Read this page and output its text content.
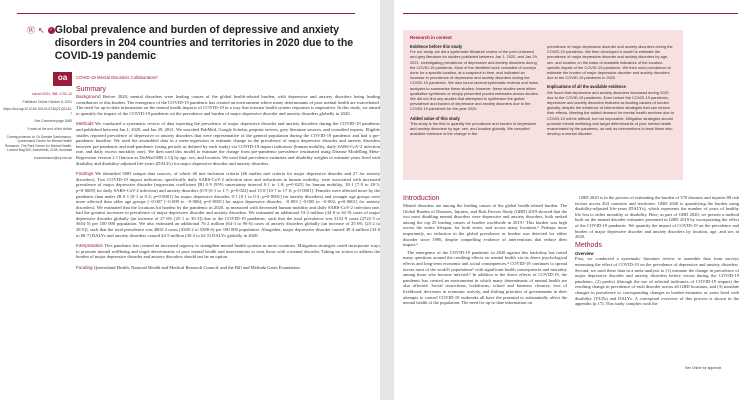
Ⓦ ↖ ✓ Global prevalence and burden of depressive and anxiety disorders in 204 countries and territories in 2020 due to the COVID-19 pandemic
oa	COVID-19 Mental Disorders Collaborators*

Lancet 2021; 398: 1700–12

Published Online October 8, 2021

https://doi.org/10.1016/ S0140-6736(21)02143-7

See Comment page 1665

*Listed at the end of the Article

Correspondence to: Dr Damian Santomauro, Queensland Centre for Mental Health Research, The Park Centre for Mental Health, Locked Bag 500, Archerfield, 4108, Australia

d.santomauro@uq.edu.au

Summary

Background Before 2020, mental disorders were leading causes of the global health-related burden, with depressive and anxiety disorders being leading contributors to this burden. The emergence of the COVID-19 pandemic has created an environment where many determinants of poor mental health are exacerbated. The need for up-to-date information on the mental health impacts of COVID-19 in a way that informs health system responses is imperative. In this study, we aimed to quantify the impact of the COVID-19 pandemic on the prevalence and burden of major depressive disorder and anxiety disorders globally in 2020.

Methods We conducted a systematic review of data reporting the prevalence of major depressive disorder and anxiety disorders during the COVID-19 pandemic and published between Jan 1, 2020, and Jan 29, 2021. We searched PubMed, Google Scholar, preprint servers, grey literature sources, and consulted experts. Eligible studies reported prevalence of depressive or anxiety disorders that were representative of the general population during the COVID-19 pandemic and had a pre-pandemic baseline. We used the assembled data in a meta-regression to estimate change in the prevalence of major depressive disorder and anxiety disorders between pre-pandemic and mid-pandemic (using periods as defined by each study) via COVID-19 impact indicators (human mobility, daily SARS-CoV-2 infection rate, and daily excess mortality rate). We then used this model to estimate the change from pre-pandemic prevalence (estimated using Disease Modelling Meta-Regression version 2.1 [known as DisMod-MR 2.1]) by age, sex, and location. We used final prevalence estimates and disability weights to estimate years lived with disability and disability-adjusted life-years (DALYs) for major depressive disorder and anxiety disorders.

Findings We identified 5683 unique data sources, of which 48 met inclusion criteria (46 studies met criteria for major depressive disorder and 27 for anxiety disorders). Two COVID-19 impact indicators, specifically daily SARS-CoV-2 infection rates and reductions in human mobility, were associated with increased prevalence of major depressive disorder (regression coefficient [B] 0·9 [95% uncertainty interval 0·1 to 1·8; p=0·025] for human mobility, 18·1 [7·9 to 28·3; p=0·0005] for daily SARS-CoV-2 infection) and anxiety disorders (0·9 [0·1 to 1·7; p=0·022] and 13·8 [10·7 to 17·0; p<0·0001]. Females were affected more by the pandemic than males (B 0·1 [0·1 to 0·2; p=0·0001] for major depressive disorder, 0·1 [0·1 to 0·2; p=0·0001] for anxiety disorders) and younger age groups were more affected than older age groups (−0·007 [−0·009 to −0·006]; p=0·0001] for major depressive disorder, −0·003 [−0·005 to −0·002; p=0·0001] for anxiety disorders). We estimated that the locations hit hardest by the pandemic in 2020, as measured with decreased human mobility and daily SARS-CoV-2 infection rate, had the greatest increases in prevalence of major depressive disorder and anxiety disorders. We estimated an additional 53·2 million (44·8 to 62·9) cases of major depressive disorder globally (an increase of 27·6% [25·1 to 30·3]) due to the COVID-19 pandemic, such that the total prevalence was 3152·9 cases (2722·5 to 3654·5) per 100 000 population. We also estimated an additional 76·2 million (64·3 to 90·6) cases of anxiety disorders globally (an increase of 25·6% [23·2 to 28·0]), such that the total prevalence was 4802·4 cases (4108·2 to 5588·6) per 100 000 population. Altogether, major depressive disorder caused 49·4 million (33·6 to 68·7) DALYs and anxiety disorders caused 44·5 million (30·2 to 62·5) DALYs globally in 2020.

Interpretation This pandemic has created an increased urgency to strengthen mental health systems in most countries. Mitigation strategies could incorporate ways to promote mental wellbeing and target determinants of poor mental health and interventions to treat those with a mental disorder. Taking no action to address the burden of major depressive disorder and anxiety disorders should not be an option.

Funding Queensland Health, National Health and Medical Research Council, and the Bill and Melinda Gates Foundation.

Research in context
Evidence before this study

For our study, we did a systematic literature review of the peer-reviewed and grey literature for studies published between Jan 1, 2020, and Jan 29, 2021, investigating prevalence of depressive and anxiety disorders during the COVID-19 pandemic. Most of the identified work consisted of surveys done for a specific location, at a snapshot in time, and indicated an increase in prevalence of depressive and anxiety disorders during the COVID-19 pandemic. We also found several systematic reviews and meta-analyses to summarise these studies; however, these studies were either qualitative syntheses or simply presented pooled estimates across studies. We did not find any studies that attempted to synthesise the global prevalence and burden of depressive and anxiety disorders due to the COVID-19 pandemic for the year 2020.

Added value of this study

This study is the first to quantify the prevalence and burden of depressive and anxiety disorders by age, sex, and location globally. We compiled available evidence of the change in the

prevalence of major depressive disorder and anxiety disorders during the COVID-19 pandemic. We then developed a model to estimate the prevalence of major depressive disorder and anxiety disorders by age, sex, and location on the basis of available indicators of the location-specific impact of the COVID-19 pandemic. We then used prevalence to estimate the burden of major depressive disorder and anxiety disorders due to the COVID-19 pandemic in 2020.

Implications of all the available evidence

We found that depressive and anxiety disorders increased during 2020 due to the COVID-19 pandemic. Even before the COVID-19 pandemic, depressive and anxiety disorders featured as leading causes of burden globally, despite the existence of intervention strategies that can reduce their effects. Meeting the added demand for mental health services due to COVID-19 will be difficult, but not impossible. Mitigation strategies should promote mental wellbeing and target determinants of poor mental health exacerbated by the pandemic, as well as interventions to treat those who develop a mental disorder.

Introduction

Mental disorders are among the leading causes of the global health-related burden. The Global Burden of Diseases, Injuries, and Risk Factors Study (GBD) 2019 showed that the two most disabling mental disorders were depressive and anxiety disorders, both ranked among the top 25 leading causes of burden worldwide in 2019.¹ This burden was high across the entire lifespan, for both sexes, and across many locations.² Perhaps more importantly, no reduction in the global prevalence or burden was detected for either disorder since 1990, despite compelling evidence of interventions that reduce their impact.³

The emergence of the COVID-19 pandemic in 2020 against this backdrop has raised many questions around the resulting effects on mental health via its direct psychological effects and long-term economic and social consequences.⁴ COVID-19 continues to spread across most of the world's populations⁵ with significant health consequences and mortality among those who become infected.⁶ In addition to the direct effects of COVID-19, the pandemic has created an environment in which many determinants of mental health are also affected. Social restrictions, lockdowns, school and business closures, loss of livelihood, decreases in economic activity, and shifting priorities of governments in their attempts to control COVID-19 outbreaks all have the potential to substantially affect the mental health of the population. The need for up-to-date information on

GBD 2020 is in the process of estimating the burden of 370 diseases and injuries 88 risk factors across 204 countries and territories. GBD 2020 is quantifying the burden using disability-adjusted life-years (DALYs), which represents the number of years of healthy life lost to either mortality or disability. Here, as part of GBD 2020, we present a method built on the mental disorder estimates presented in GBD 2019 by incorporating the effect of the COVID-19 pandemic. We quantify the impact of COVID-19 on the prevalence and burden of major depressive disorder and anxiety disorders by location, age, and sex in 2020.

Methods
Overview

First, we conducted a systematic literature review to assemble data from surveys measuring the effect of COVID-19 on the prevalence of depressive and anxiety disorders. Second, we used these data in a meta-analysis to (1) estimate the change in prevalence of major depressive disorder and anxiety disorders before versus during the COVID-19 pandemic, (2) predict (through the use of selected indicators of COVID-19 impact) the resulting change in prevalence of each disorder across all GBD locations, and (3) translate changes in prevalence to corresponding changes in burden estimates as years lived with disability (YLDs) and DALYs. A conceptual overview of this process is shown in the appendix (p 17). This study complies with the

See Online for appendix
